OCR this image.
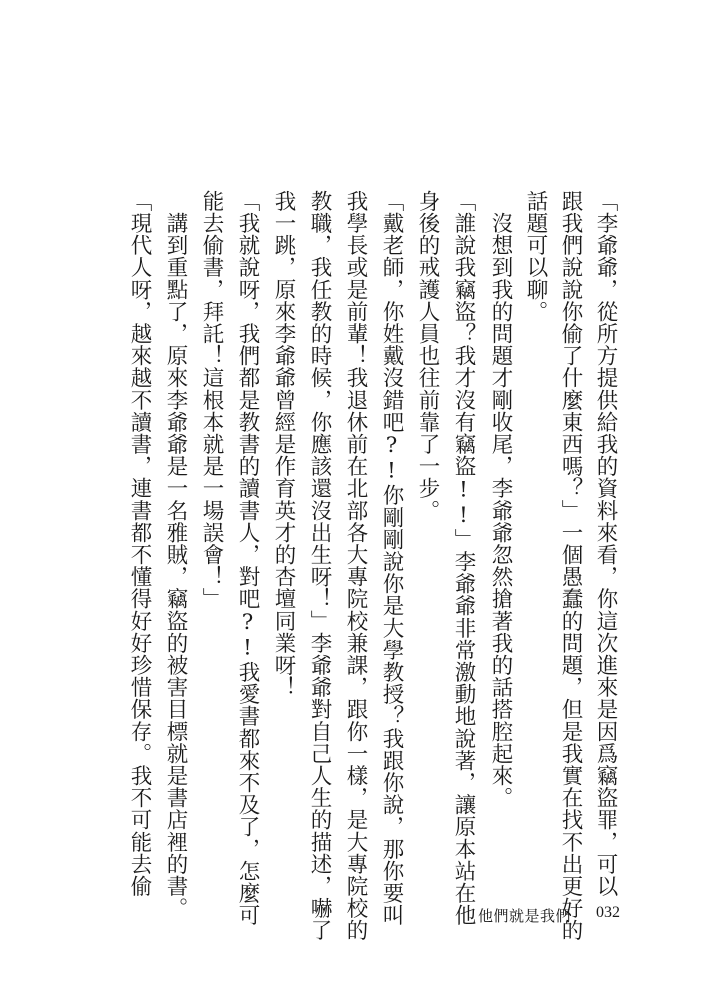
「李爺爺，從所方提供給我的資料來看，你這次進來是因爲竊盜罪，可以
跟我們說說你偷了什麼東西嗎？」一個愚蠢的問題，但是我實在找不出更好的
話題可以聊。
　沒想到我的問題才剛收尾，李爺爺忽然搶著我的話搭腔起來。
「誰說我竊盜？我才沒有竊盜!!」李爺爺非常激動地說著，讓原本站在他
身後的戒護人員也往前靠了一步。
「戴老師，你姓戴沒錯吧?!你剛剛說你是大學教授？我跟你說，那你要叫
我學長或是前輩！我退休前在北部各大專院校兼課，跟你一樣，是大專院校的
教職，我任教的時候，你應該還沒出生呀！」李爺爺對自己人生的描述，嚇了
我一跳，原來李爺爺曾經是作育英才的杏壇同業呀！
「我就說呀，我們都是教書的讀書人，對吧?!我愛書都來不及了，怎麼可
能去偷書，拜託！這根本就是一場誤會！」
　講到重點了，原來李爺爺是一名雅賊，竊盜的被害目標就是書店裡的書。
「現代人呀，越來越不讀書，連書都不懂得好好珍惜保存。我不可能去偷
他們就是我們 032
